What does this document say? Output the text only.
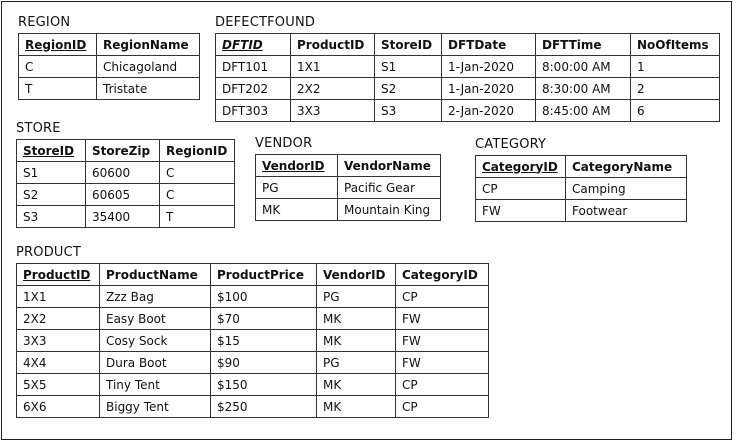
REGION
RegionID	RegionName
C	Chicagoland
T	Tristate
DEFECTFOUND
DFTID	ProductID	StoreID	DFTDate	DFTTime	NoOfItems
DFT101	1X1	S1	1-Jan-2020	8:00:00 AM	1
DFT202	2X2	S2	1-Jan-2020	8:30:00 AM	2
DFT303	3X3	S3	2-Jan-2020	8:45:00 AM	6
STORE
StoreID	StoreZip	RegionID
S1	60600	C
S2	60605	C
S3	35400	T
VENDOR
VendorID	VendorName
PG	Pacific Gear
MK	Mountain King
CATEGORY
CategoryID	CategoryName
CP	Camping
FW	Footwear
PRODUCT
ProductID	ProductName	ProductPrice	VendorID	CategoryID
1X1	Zzz Bag	$100	PG	CP
2X2	Easy Boot	$70	MK	FW
3X3	Cosy Sock	$15	MK	FW
4X4	Dura Boot	$90	PG	FW
5X5	Tiny Tent	$150	MK	CP
6X6	Biggy Tent	$250	MK	CP
